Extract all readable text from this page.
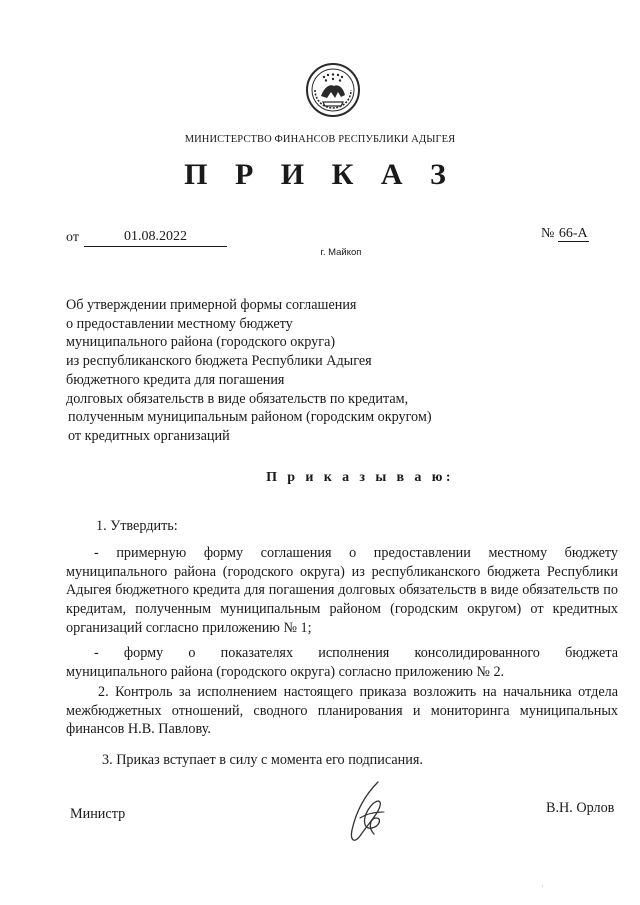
МИНИСТЕРСТВО ФИНАНСОВ РЕСПУБЛИКИ АДЫГЕЯ
П Р И К А З
от	01.08.2022	№ 66-А
г. Майкоп
Об утверждении примерной формы соглашения
о предоставлении местному бюджету
муниципального района (городского округа)
из республиканского бюджета Республики Адыгея
бюджетного кредита для погашения
долговых обязательств в виде обязательств по кредитам,
полученным муниципальным районом (городским округом)
от кредитных организаций
П р и к а з ы в а ю:
1. Утвердить:
- примерную форму соглашения о предоставлении местному бюджету муниципального района (городского округа) из республиканского бюджета Республики Адыгея бюджетного кредита для погашения долговых обязательств в виде обязательств по кредитам, полученным муниципальным районом (городским округом) от кредитных организаций согласно приложению № 1;
- форму о показателях исполнения консолидированного бюджета
муниципального района (городского округа) согласно приложению № 2.
2. Контроль за исполнением настоящего приказа возложить на начальника отдела межбюджетных отношений, сводного планирования и мониторинга муниципальных финансов Н.В. Павлову.
3. Приказ вступает в силу с момента его подписания.
Министр	В.Н. Орлов
·
